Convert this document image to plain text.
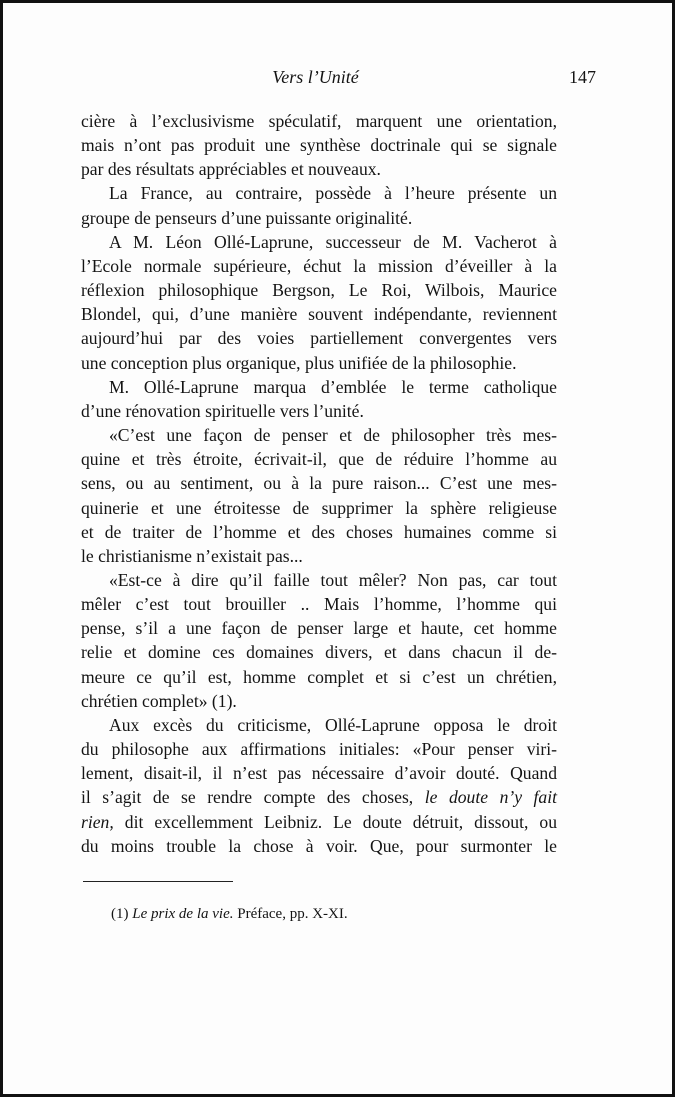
Vers l’Unité	147

cière à l’exclusivisme spéculatif, marquent une orientation,
mais n’ont pas produit une synthèse doctrinale qui se signale
par des résultats appréciables et nouveaux.

La France, au contraire, possède à l’heure présente un
groupe de penseurs d’une puissante originalité.

A M. Léon Ollé-Laprune, successeur de M. Vacherot à
l’Ecole normale supérieure, échut la mission d’éveiller à la
réflexion philosophique Bergson, Le Roi, Wilbois, Maurice
Blondel, qui, d’une manière souvent indépendante, reviennent
aujourd’hui par des voies partiellement convergentes vers
une conception plus organique, plus unifiée de la philosophie.

M. Ollé-Laprune marqua d’emblée le terme catholique
d’une rénovation spirituelle vers l’unité.

«C’est une façon de penser et de philosopher très mes-
quine et très étroite, écrivait-il, que de réduire l’homme au
sens, ou au sentiment, ou à la pure raison... C’est une mes-
quinerie et une étroitesse de supprimer la sphère religieuse
et de traiter de l’homme et des choses humaines comme si
le christianisme n’existait pas...

«Est-ce à dire qu’il faille tout mêler? Non pas, car tout
mêler c’est tout brouiller .. Mais l’homme, l’homme qui
pense, s’il a une façon de penser large et haute, cet homme
relie et domine ces domaines divers, et dans chacun il de-
meure ce qu’il est, homme complet et si c’est un chrétien,
chrétien complet» (1).

Aux excès du criticisme, Ollé-Laprune opposa le droit
du philosophe aux affirmations initiales: «Pour penser viri-
lement, disait-il, il n’est pas nécessaire d’avoir douté. Quand
il s’agit de se rendre compte des choses, le doute n’y fait
rien, dit excellemment Leibniz. Le doute détruit, dissout, ou
du moins trouble la chose à voir. Que, pour surmonter le

(1) Le prix de la vie. Préface, pp. X-XI.
